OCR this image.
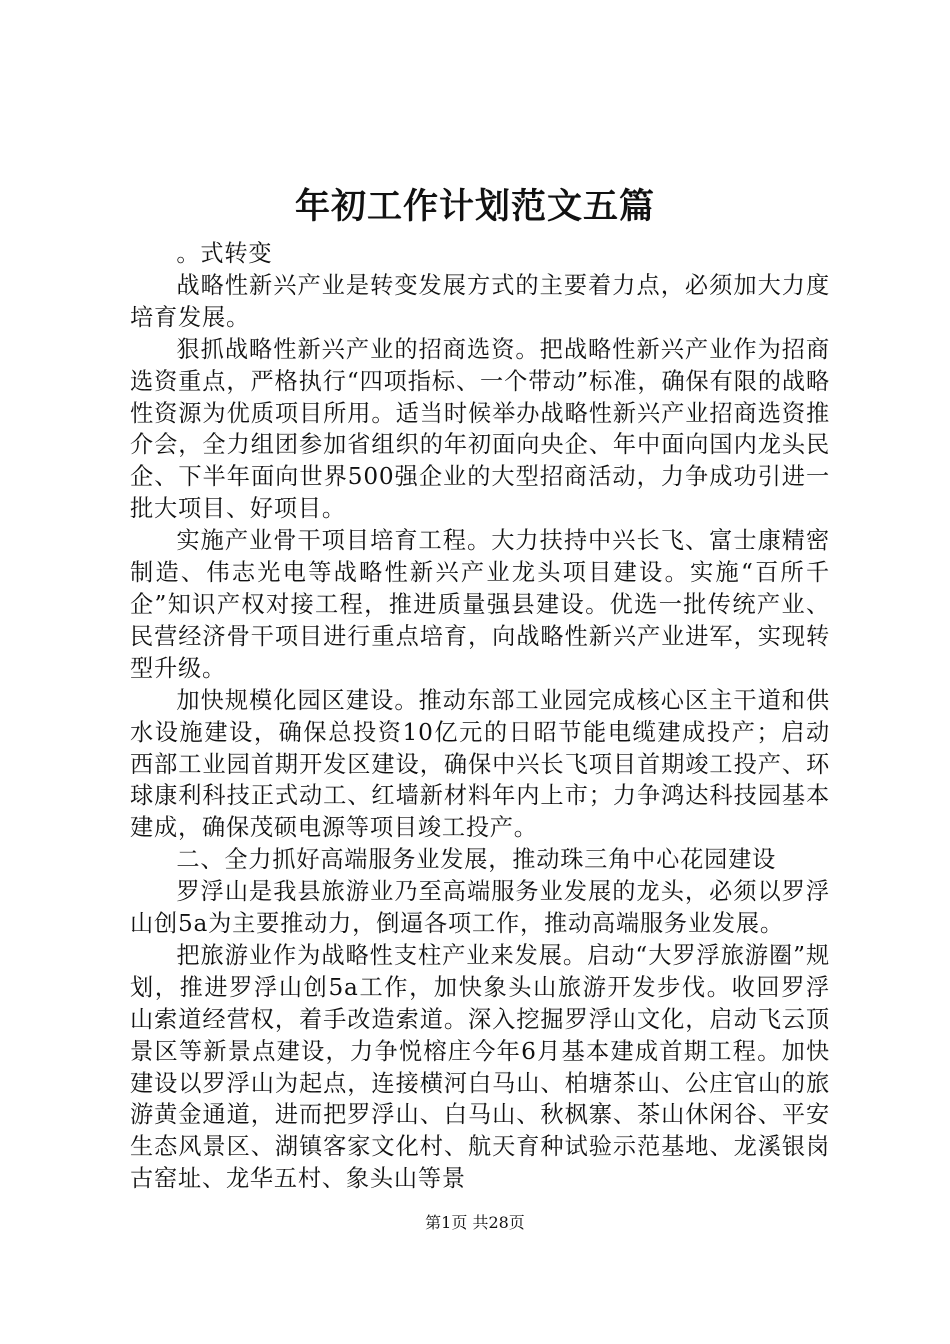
年初工作计划范文五篇

。式转变

战略性新兴产业是转变发展方式的主要着力点，必须加大力度培育发展。

狠抓战略性新兴产业的招商选资。把战略性新兴产业作为招商选资重点，严格执行“四项指标、一个带动”标准，确保有限的战略性资源为优质项目所用。适当时候举办战略性新兴产业招商选资推介会，全力组团参加省组织的年初面向央企、年中面向国内龙头民企、下半年面向世界500强企业的大型招商活动，力争成功引进一批大项目、好项目。

实施产业骨干项目培育工程。大力扶持中兴长飞、富士康精密制造、伟志光电等战略性新兴产业龙头项目建设。实施“百所千企”知识产权对接工程，推进质量强县建设。优选一批传统产业、民营经济骨干项目进行重点培育，向战略性新兴产业进军，实现转型升级。

加快规模化园区建设。推动东部工业园完成核心区主干道和供水设施建设，确保总投资10亿元的日昭节能电缆建成投产；启动西部工业园首期开发区建设，确保中兴长飞项目首期竣工投产、环球康利科技正式动工、红墙新材料年内上市；力争鸿达科技园基本建成，确保茂硕电源等项目竣工投产。

二、全力抓好高端服务业发展，推动珠三角中心花园建设

罗浮山是我县旅游业乃至高端服务业发展的龙头，必须以罗浮山创5a为主要推动力，倒逼各项工作，推动高端服务业发展。

把旅游业作为战略性支柱产业来发展。启动“大罗浮旅游圈”规划，推进罗浮山创5a工作，加快象头山旅游开发步伐。收回罗浮山索道经营权，着手改造索道。深入挖掘罗浮山文化，启动飞云顶景区等新景点建设，力争悦榕庄今年6月基本建成首期工程。加快建设以罗浮山为起点，连接横河白马山、柏塘茶山、公庄官山的旅游黄金通道，进而把罗浮山、白马山、秋枫寨、茶山休闲谷、平安生态风景区、湖镇客家文化村、航天育种试验示范基地、龙溪银岗古窑址、龙华五村、象头山等景

第1页 共28页
